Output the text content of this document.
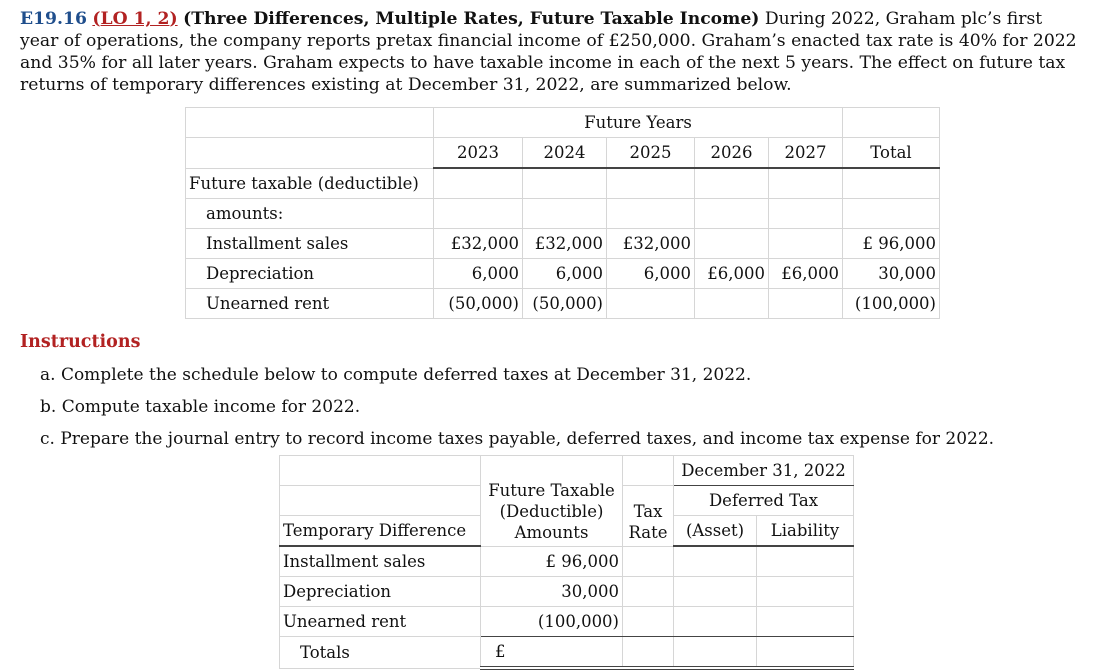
E19.16 (LO 1, 2) (Three Differences, Multiple Rates, Future Taxable Income) During 2022, Graham plc’s first year of operations, the company reports pretax financial income of £250,000. Graham’s enacted tax rate is 40% for 2022 and 35% for all later years. Graham expects to have taxable income in each of the next 5 years. The effect on future tax returns of temporary differences existing at December 31, 2022, are summarized below.
	Future Years					
	2023	2024	2025	2026	2027	Total
Future taxable (deductible)						
amounts:						
Installment sales	£32,000	£32,000	£32,000			£ 96,000
Depreciation	6,000	6,000	6,000	£6,000	£6,000	30,000
Unearned rent	(50,000)	(50,000)				(100,000)
Instructions
a. Complete the schedule below to compute deferred taxes at December 31, 2022.
b. Compute taxable income for 2022.
c. Prepare the journal entry to record income taxes payable, deferred taxes, and income tax expense for 2022.

	Future Taxable
(Deductible)
Amounts		December 31, 2022	

		Tax
Rate	Deferred Tax	
Temporary Difference			(Asset)	Liability
Installment sales	£ 96,000			
Depreciation	30,000			
Unearned rent	(100,000)			
Totals	£			
